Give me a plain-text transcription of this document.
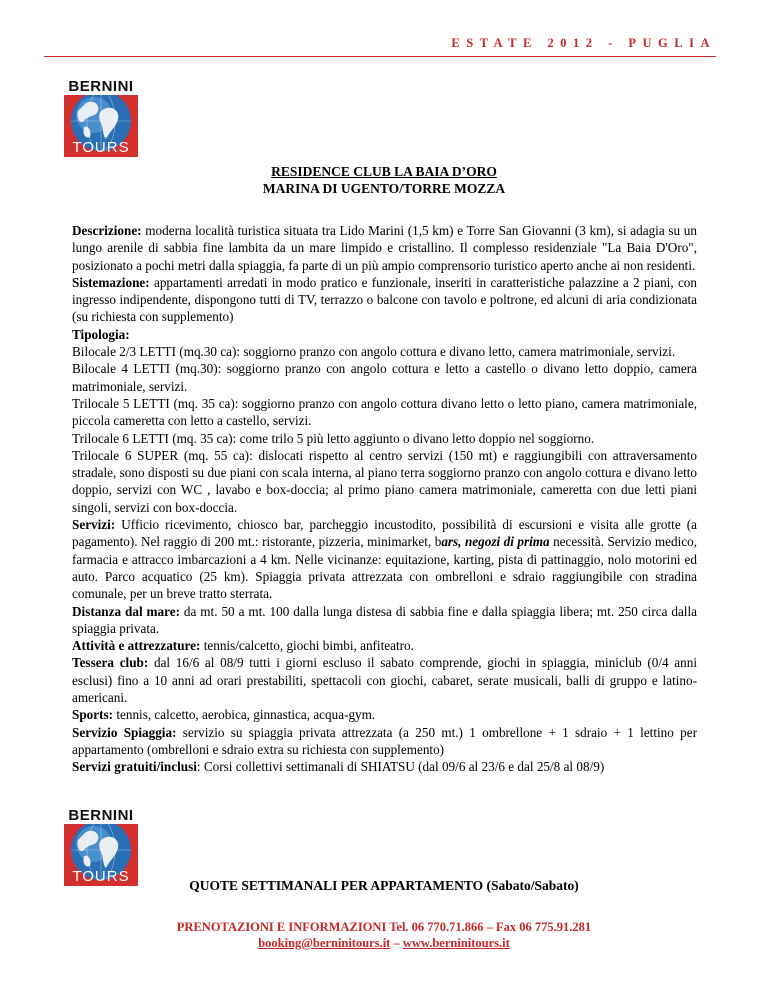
ESTATE 2012 - PUGLIA
BERNINI
TOURS
RESIDENCE CLUB LA BAIA D’ORO
MARINA DI UGENTO/TORRE MOZZA

Descrizione: moderna località turistica situata tra Lido Marini (1,5 km) e Torre San Giovanni (3 km), si adagia su un lungo arenile di sabbia fine lambita da un mare limpido e cristallino. Il complesso residenziale "La Baia D'Oro", posizionato a pochi metri dalla spiaggia, fa parte di un più ampio comprensorio turistico aperto anche ai non residenti.

Sistemazione: appartamenti arredati in modo pratico e funzionale, inseriti in caratteristiche palazzine a 2 piani, con ingresso indipendente, dispongono tutti di TV, terrazzo o balcone con tavolo e poltrone, ed alcuni di aria condizionata (su richiesta con supplemento)

Tipologia:

Bilocale 2/3 LETTI (mq.30 ca): soggiorno pranzo con angolo cottura e divano letto, camera matrimoniale, servizi.

Bilocale 4 LETTI (mq.30): soggiorno pranzo con angolo cottura e letto a castello o divano letto doppio, camera matrimoniale, servizi.

Trilocale 5 LETTI (mq. 35 ca): soggiorno pranzo con angolo cottura divano letto o letto piano, camera matrimoniale, piccola cameretta con letto a castello, servizi.

Trilocale 6 LETTI (mq. 35 ca): come trilo 5 più letto aggiunto o divano letto doppio nel soggiorno.

Trilocale 6 SUPER (mq. 55 ca): dislocati rispetto al centro servizi (150 mt) e raggiungibili con attraversamento stradale, sono disposti su due piani con scala interna, al piano terra soggiorno pranzo con angolo cottura e divano letto doppio, servizi con WC , lavabo e box-doccia; al primo piano camera matrimoniale, cameretta con due letti piani singoli, servizi con box-doccia.

Servizi: Ufficio ricevimento, chiosco bar, parcheggio incustodito, possibilità di escursioni e visita alle grotte (a pagamento). Nel raggio di 200 mt.: ristorante, pizzeria, minimarket, bars, negozi di prima necessità. Servizio medico, farmacia e attracco imbarcazioni a 4 km. Nelle vicinanze: equitazione, karting, pista di pattinaggio, nolo motorini ed auto. Parco acquatico (25 km). Spiaggia privata attrezzata con ombrelloni e sdraio raggiungibile con stradina comunale, per un breve tratto sterrata.

Distanza dal mare: da mt. 50 a mt. 100 dalla lunga distesa di sabbia fine e dalla spiaggia libera; mt. 250 circa dalla spiaggia privata.

Attività e attrezzature: tennis/calcetto, giochi bimbi, anfiteatro.

Tessera club: dal 16/6 al 08/9 tutti i giorni escluso il sabato comprende, giochi in spiaggia, miniclub (0/4 anni esclusi) fino a 10 anni ad orari prestabiliti, spettacoli con giochi, cabaret, serate musicali, balli di gruppo e latino-americani.

Sports: tennis, calcetto, aerobica, ginnastica, acqua-gym.

Servizio Spiaggia: servizio su spiaggia privata attrezzata (a 250 mt.) 1 ombrellone + 1 sdraio + 1 lettino per appartamento (ombrelloni e sdraio extra su richiesta con supplemento)

Servizi gratuiti/inclusi: Corsi collettivi settimanali di SHIATSU (dal 09/6 al 23/6 e dal 25/8 al 08/9)

BERNINI
TOURS
QUOTE SETTIMANALI PER APPARTAMENTO (Sabato/Sabato)
PRENOTAZIONI E INFORMAZIONI Tel. 06 770.71.866 – Fax 06 775.91.281
booking@berninitours.it – www.berninitours.it
